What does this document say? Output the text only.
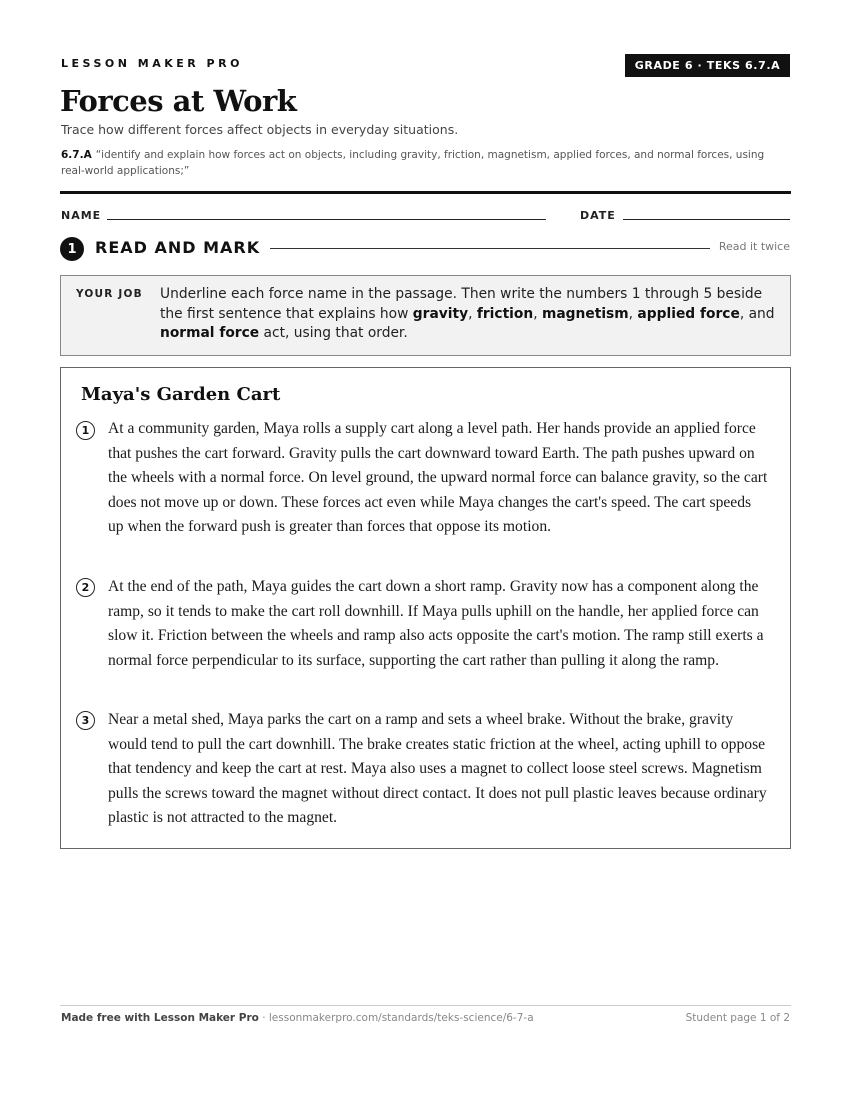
LESSON MAKER PRO	GRADE 6 · TEKS 6.7.A
Forces at Work
Trace how different forces affect objects in everyday situations.
6.7.A “identify and explain how forces act on objects, including gravity, friction, magnetism, applied forces, and normal forces, using real-world applications;”
NAME	DATE
1	READ AND MARK	Read it twice
YOUR JOB Underline each force name in the passage. Then write the numbers 1 through 5 beside the first sentence that explains how gravity, friction, magnetism, applied force, and normal force act, using that order.
Maya's Garden Cart
1	At a community garden, Maya rolls a supply cart along a level path. Her hands provide an applied force that pushes the cart forward. Gravity pulls the cart downward toward Earth. The path pushes upward on the wheels with a normal force. On level ground, the upward normal force can balance gravity, so the cart does not move up or down. These forces act even while Maya changes the cart's speed. The cart speeds up when the forward push is greater than forces that oppose its motion.

2	At the end of the path, Maya guides the cart down a short ramp. Gravity now has a component along the ramp, so it tends to make the cart roll downhill. If Maya pulls uphill on the handle, her applied force can slow it. Friction between the wheels and ramp also acts opposite the cart's motion. The ramp still exerts a normal force perpendicular to its surface, supporting the cart rather than pulling it along the ramp.

3	Near a metal shed, Maya parks the cart on a ramp and sets a wheel brake. Without the brake, gravity would tend to pull the cart downhill. The brake creates static friction at the wheel, acting uphill to oppose that tendency and keep the cart at rest. Maya also uses a magnet to collect loose steel screws. Magnetism pulls the screws toward the magnet without direct contact. It does not pull plastic leaves because ordinary plastic is not attracted to the magnet.

Made free with Lesson Maker Pro · lessonmakerpro.com/standards/teks-science/6-7-a	Student page 1 of 2
